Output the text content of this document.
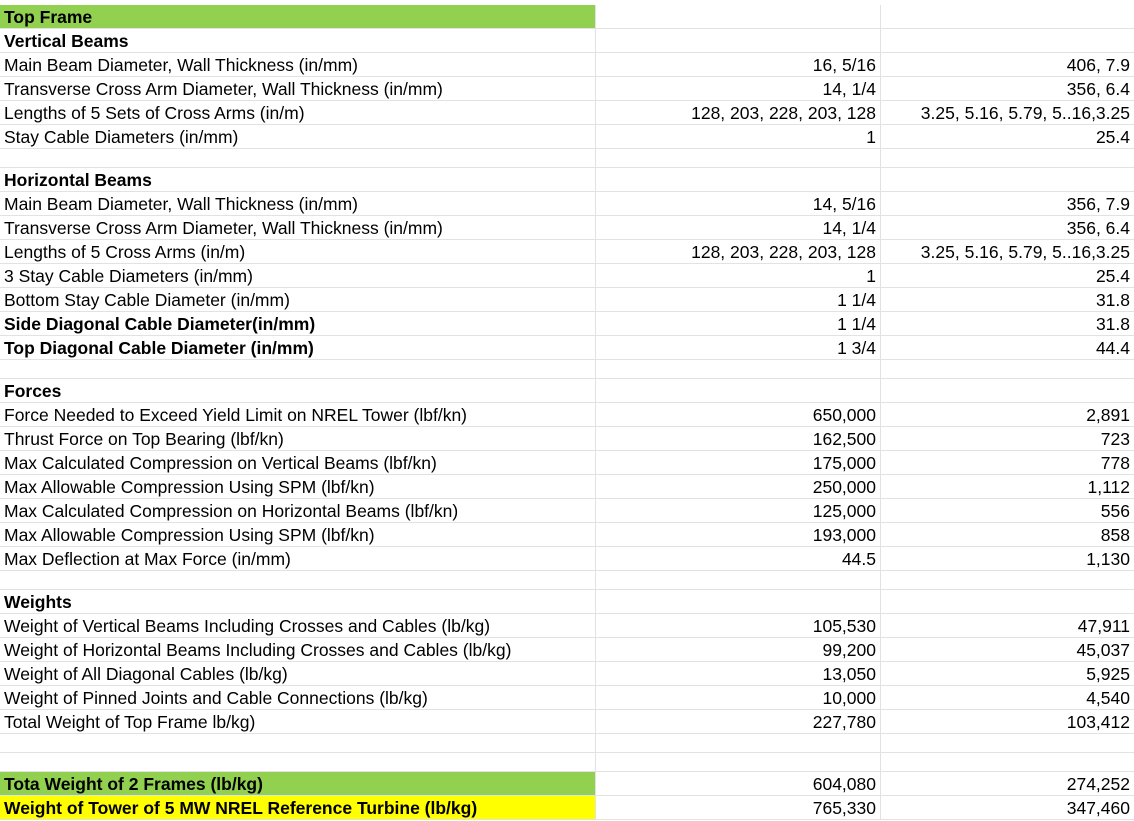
Top Frame
Vertical Beams
Main Beam Diameter, Wall Thickness (in/mm)	16, 5/16	406, 7.9
Transverse Cross Arm Diameter, Wall Thickness (in/mm)	14, 1/4	356, 6.4
Lengths of 5 Sets of Cross Arms (in/m)	128, 203, 228, 203, 128	3.25, 5.16, 5.79, 5..16,3.25
Stay Cable Diameters (in/mm)	1	25.4
Horizontal Beams
Main Beam Diameter, Wall Thickness (in/mm)	14, 5/16	356, 7.9
Transverse Cross Arm Diameter, Wall Thickness (in/mm)	14, 1/4	356, 6.4
Lengths of 5 Cross Arms (in/m)	128, 203, 228, 203, 128	3.25, 5.16, 5.79, 5..16,3.25
3 Stay Cable Diameters (in/mm)	1	25.4
Bottom Stay Cable Diameter (in/mm)	1 1/4	31.8
Side Diagonal Cable Diameter(in/mm)	1 1/4	31.8
Top Diagonal Cable Diameter (in/mm)	1 3/4	44.4
Forces
Force Needed to Exceed Yield Limit on NREL Tower (lbf/kn)	650,000	2,891
Thrust Force on Top Bearing (lbf/kn)	162,500	723
Max Calculated Compression on Vertical Beams (lbf/kn)	175,000	778
Max Allowable Compression Using SPM (lbf/kn)	250,000	1,112
Max Calculated Compression on Horizontal Beams (lbf/kn)	125,000	556
Max Allowable Compression Using SPM (lbf/kn)	193,000	858
Max Deflection at Max Force (in/mm)	44.5	1,130
Weights
Weight of Vertical Beams Including Crosses and Cables (lb/kg)	105,530	47,911
Weight of Horizontal Beams Including Crosses and Cables (lb/kg)	99,200	45,037
Weight of All Diagonal Cables (lb/kg)	13,050	5,925
Weight of Pinned Joints and Cable Connections (lb/kg)	10,000	4,540
Total Weight of Top Frame lb/kg)	227,780	103,412
Tota Weight of 2 Frames (lb/kg)	604,080	274,252
Weight of Tower of 5 MW NREL Reference Turbine (lb/kg)	765,330	347,460
